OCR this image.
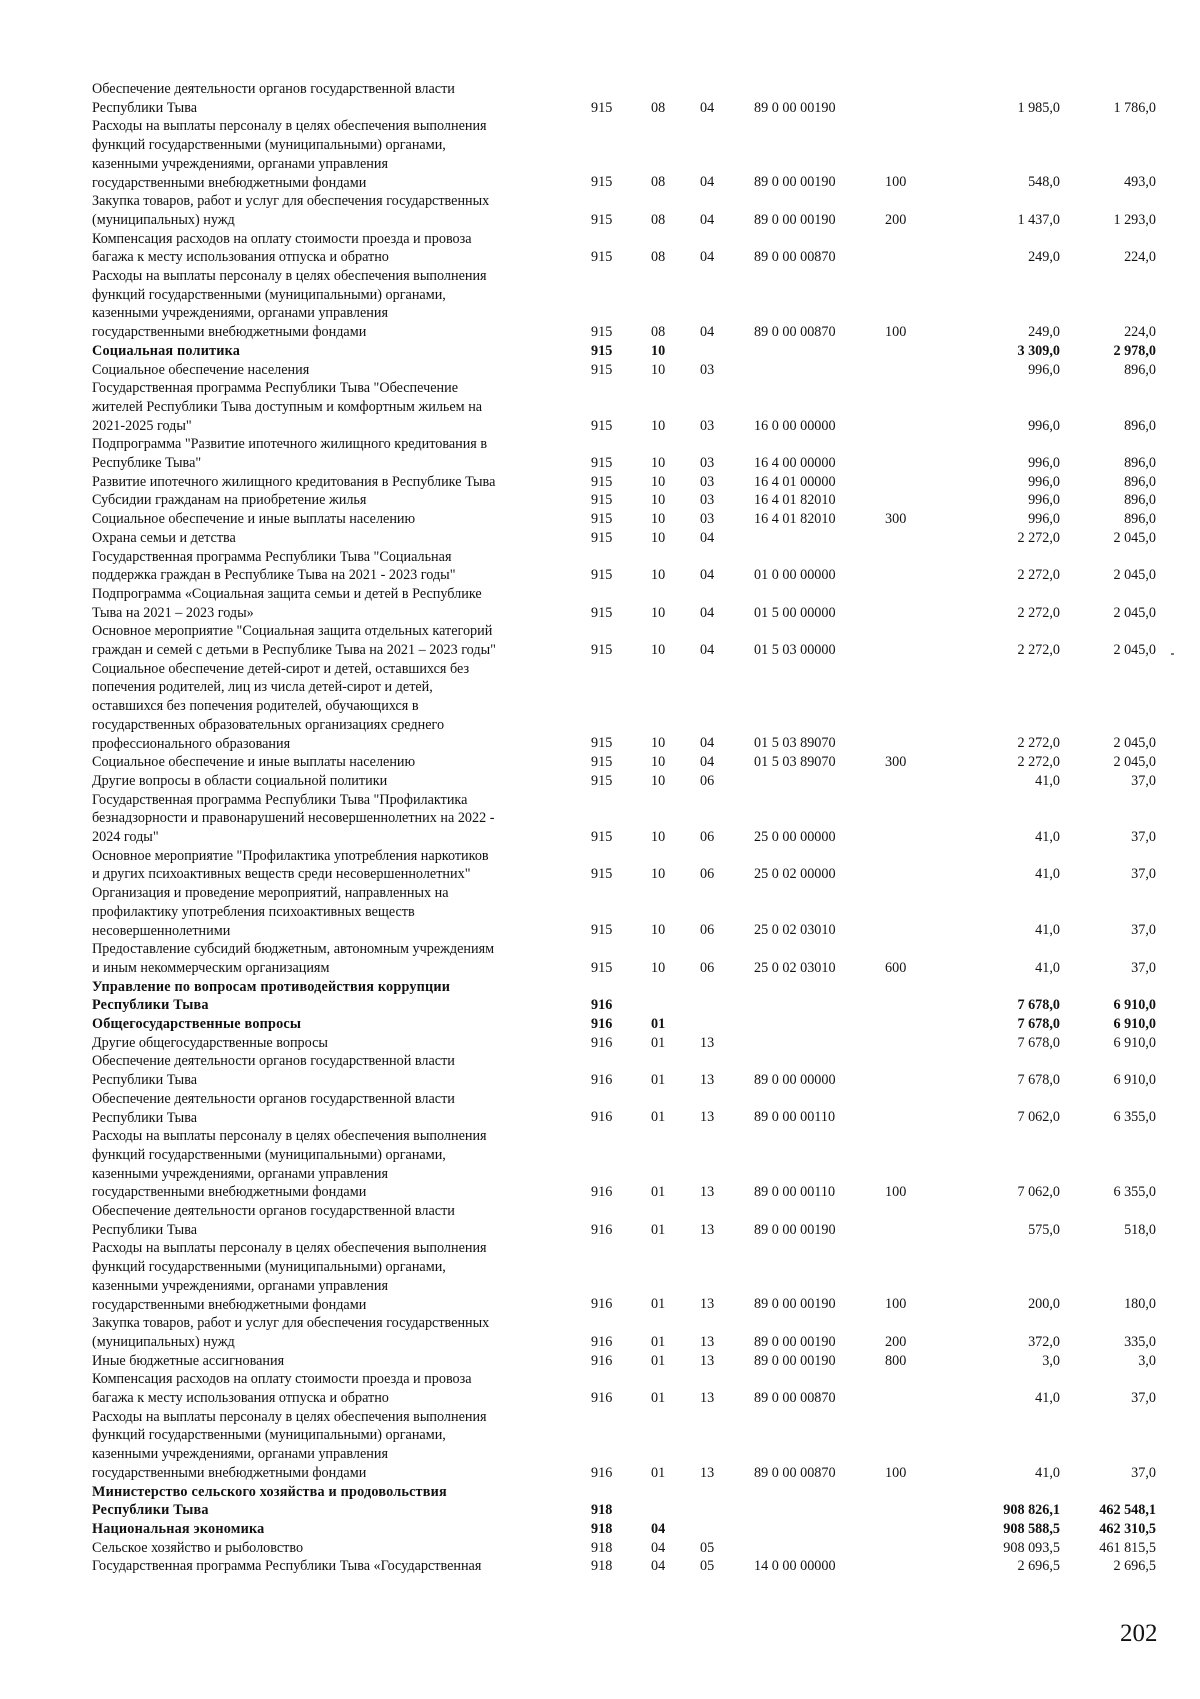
Обеспечение деятельности органов государственной власти
Республики Тыва	915	08 04	89 0 00 00190	1 985,0	1 786,0
Расходы на выплаты персоналу в целях обеспечения выполнения
функций государственными (муниципальными) органами,
казенными учреждениями, органами управления
государственными внебюджетными фондами	915	08 04	89 0 00 00190	100	548,0	493,0
Закупка товаров, работ и услуг для обеспечения государственных
(муниципальных) нужд	915	08 04	89 0 00 00190	200	1 437,0	1 293,0
Компенсация расходов на оплату стоимости проезда и провоза
багажа к месту использования отпуска и обратно	915	08 04	89 0 00 00870	249,0	224,0
Расходы на выплаты персоналу в целях обеспечения выполнения
функций государственными (муниципальными) органами,
казенными учреждениями, органами управления
государственными внебюджетными фондами	915	08 04	89 0 00 00870	100	249,0	224,0
Социальная политика	915	10	3 309,0	2 978,0
Социальное обеспечение населения	915	10 03	996,0	896,0
Государственная программа Республики Тыва "Обеспечение
жителей Республики Тыва доступным и комфортным жильем на
2021-2025 годы"	915	10 03	16 0 00 00000	996,0	896,0
Подпрограмма "Развитие ипотечного жилищного кредитования в
Республике Тыва"	915	10 03	16 4 00 00000	996,0	896,0
Развитие ипотечного жилищного кредитования в Республике Тыва	915	10 03	16 4 01 00000	996,0	896,0
Субсидии гражданам на приобретение жилья	915	10 03	16 4 01 82010	996,0	896,0
Социальное обеспечение и иные выплаты населению	915	10 03	16 4 01 82010	300	996,0	896,0
Охрана семьи и детства	915	10 04	2 272,0	2 045,0
Государственная программа Республики Тыва "Социальная
поддержка граждан в Республике Тыва на 2021 - 2023 годы"	915	10 04	01 0 00 00000	2 272,0	2 045,0
Подпрограмма «Социальная защита семьи и детей в Республике
Тыва на 2021 – 2023 годы»	915	10 04	01 5 00 00000	2 272,0	2 045,0
Основное мероприятие "Социальная защита отдельных категорий
граждан и семей с детьми в Республике Тыва на 2021 – 2023 годы"	915	10 04	01 5 03 00000	2 272,0	2 045,0
Социальное обеспечение детей-сирот и детей, оставшихся без
попечения родителей, лиц из числа детей-сирот и детей,
оставшихся без попечения родителей, обучающихся в
государственных образовательных организациях среднего
профессионального образования	915	10 04	01 5 03 89070	2 272,0	2 045,0
Социальное обеспечение и иные выплаты населению	915	10 04	01 5 03 89070	300	2 272,0	2 045,0
Другие вопросы в области социальной политики	915	10 06	41,0	37,0
Государственная программа Республики Тыва "Профилактика
безнадзорности и правонарушений несовершеннолетних на 2022 -
2024 годы"	915	10 06	25 0 00 00000	41,0	37,0
Основное мероприятие "Профилактика употребления наркотиков
и других психоактивных веществ среди несовершеннолетних"	915	10 06	25 0 02 00000	41,0	37,0
Организация и проведение мероприятий, направленных на
профилактику употребления психоактивных веществ
несовершеннолетними	915	10 06	25 0 02 03010	41,0	37,0
Предоставление субсидий бюджетным, автономным учреждениям
и иным некоммерческим организациям	915	10 06	25 0 02 03010	600	41,0	37,0
Управление по вопросам противодействия коррупции
Республики Тыва	916	7 678,0	6 910,0
Общегосударственные вопросы	916	01	7 678,0	6 910,0
Другие общегосударственные вопросы	916	01 13	7 678,0	6 910,0
Обеспечение деятельности органов государственной власти
Республики Тыва	916	01 13	89 0 00 00000	7 678,0	6 910,0
Обеспечение деятельности органов государственной власти
Республики Тыва	916	01 13	89 0 00 00110	7 062,0	6 355,0
Расходы на выплаты персоналу в целях обеспечения выполнения
функций государственными (муниципальными) органами,
казенными учреждениями, органами управления
государственными внебюджетными фондами	916	01 13	89 0 00 00110	100	7 062,0	6 355,0
Обеспечение деятельности органов государственной власти
Республики Тыва	916	01 13	89 0 00 00190	575,0	518,0
Расходы на выплаты персоналу в целях обеспечения выполнения
функций государственными (муниципальными) органами,
казенными учреждениями, органами управления
государственными внебюджетными фондами	916	01 13	89 0 00 00190	100	200,0	180,0
Закупка товаров, работ и услуг для обеспечения государственных
(муниципальных) нужд	916	01 13	89 0 00 00190	200	372,0	335,0
Иные бюджетные ассигнования	916	01 13	89 0 00 00190	800	3,0	3,0
Компенсация расходов на оплату стоимости проезда и провоза
багажа к месту использования отпуска и обратно	916	01 13	89 0 00 00870	41,0	37,0
Расходы на выплаты персоналу в целях обеспечения выполнения
функций государственными (муниципальными) органами,
казенными учреждениями, органами управления
государственными внебюджетными фондами	916	01 13	89 0 00 00870	100	41,0	37,0
Министерство сельского хозяйства и продовольствия
Республики Тыва	918	908 826,1	462 548,1
Национальная экономика	918	04	908 588,5	462 310,5
Сельское хозяйство и рыболовство	918	04 05	908 093,5	461 815,5
Государственная программа Республики Тыва «Государственная	918	04 05	14 0 00 00000	2 696,5	2 696,5
202
